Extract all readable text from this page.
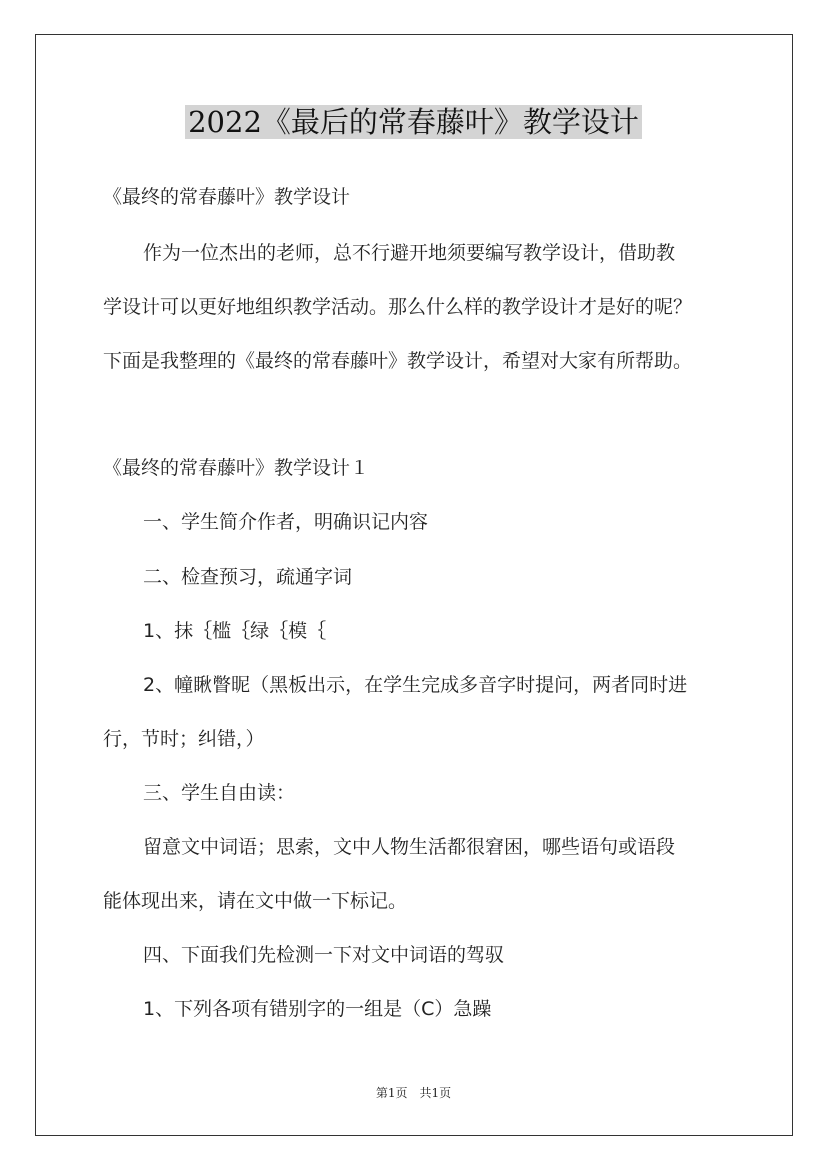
2022《最后的常春藤叶》教学设计
《最终的常春藤叶》教学设计
作为一位杰出的老师，总不行避开地须要编写教学设计，借助教
学设计可以更好地组织教学活动。那么什么样的教学设计才是好的呢？
下面是我整理的《最终的常春藤叶》教学设计，希望对大家有所帮助。
《最终的常春藤叶》教学设计１
一、学生简介作者，明确识记内容
二、检查预习，疏通字词
1、抹｛槛｛绿｛模｛
2、幢瞅瞥昵（黑板出示，在学生完成多音字时提问，两者同时进
行，节时；纠错，）
三、学生自由读：
留意文中词语；思索，文中人物生活都很窘困，哪些语句或语段
能体现出来，请在文中做一下标记。
四、下面我们先检测一下对文中词语的驾驭
1、下列各项有错别字的一组是（C）急躁
第1页　共1页
